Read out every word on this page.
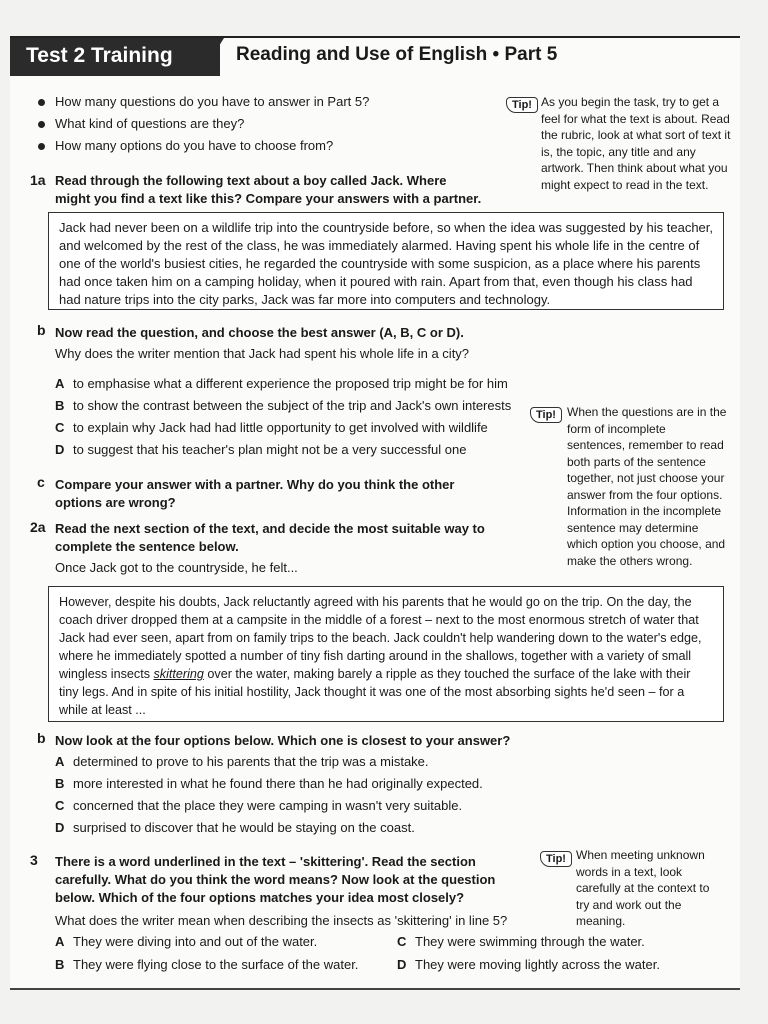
Test 2 Training	Reading and Use of English • Part 5
How many questions do you have to answer in Part 5?
What kind of questions are they?
How many options do you have to choose from?
Tip! As you begin the task, try to get a feel for what the text is about. Read the rubric, look at what sort of text it is, the topic, any title and any artwork. Then think about what you might expect to read in the text.
1a Read through the following text about a boy called Jack. Where might you find a text like this? Compare your answers with a partner.
Jack had never been on a wildlife trip into the countryside before, so when the idea was suggested by his teacher, and welcomed by the rest of the class, he was immediately alarmed. Having spent his whole life in the centre of one of the world's busiest cities, he regarded the countryside with some suspicion, as a place where his parents had once taken him on a camping holiday, when it poured with rain. Apart from that, even though his class had had nature trips into the city parks, Jack was far more into computers and technology.
b Now read the question, and choose the best answer (A, B, C or D).
Why does the writer mention that Jack had spent his whole life in a city?
A to emphasise what a different experience the proposed trip might be for him
B to show the contrast between the subject of the trip and Jack's own interests
C to explain why Jack had had little opportunity to get involved with wildlife
D to suggest that his teacher's plan might not be a very successful one
Tip! When the questions are in the form of incomplete sentences, remember to read both parts of the sentence together, not just choose your answer from the four options. Information in the incomplete sentence may determine which option you choose, and make the others wrong.
c Compare your answer with a partner. Why do you think the other options are wrong?
2a Read the next section of the text, and decide the most suitable way to complete the sentence below.
Once Jack got to the countryside, he felt...
However, despite his doubts, Jack reluctantly agreed with his parents that he would go on the trip. On the day, the coach driver dropped them at a campsite in the middle of a forest – next to the most enormous stretch of water that Jack had ever seen, apart from on family trips to the beach. Jack couldn't help wandering down to the water's edge, where he immediately spotted a number of tiny fish darting around in the shallows, together with a variety of small wingless insects skittering over the water, making barely a ripple as they touched the surface of the lake with their tiny legs. And in spite of his initial hostility, Jack thought it was one of the most absorbing sights he'd seen – for a while at least ...
b Now look at the four options below. Which one is closest to your answer?
A determined to prove to his parents that the trip was a mistake.
B more interested in what he found there than he had originally expected.
C concerned that the place they were camping in wasn't very suitable.
D surprised to discover that he would be staying on the coast.
Tip! When meeting unknown words in a text, look carefully at the context to try and work out the meaning.
3 There is a word underlined in the text – 'skittering'. Read the section carefully. What do you think the word means? Now look at the question below. Which of the four options matches your idea most closely?
What does the writer mean when describing the insects as 'skittering' in line 5?
A They were diving into and out of the water.
B They were flying close to the surface of the water.
C They were swimming through the water.
D They were moving lightly across the water.
